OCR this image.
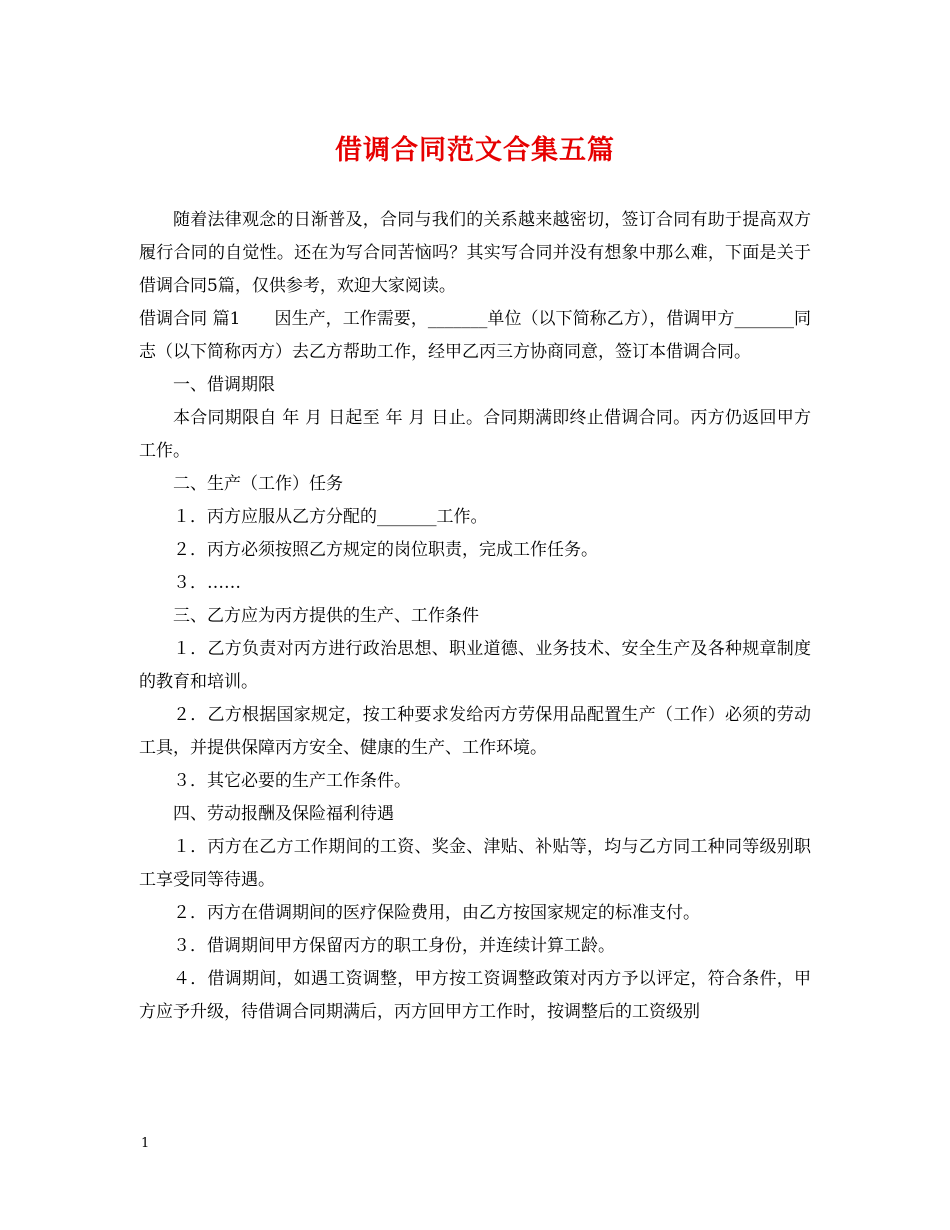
借调合同范文合集五篇

随着法律观念的日渐普及，合同与我们的关系越来越密切，签订合同有助于提高双方履行合同的自觉性。还在为写合同苦恼吗？其实写合同并没有想象中那么难，下面是关于借调合同5篇，仅供参考，欢迎大家阅读。

借调合同 篇1　　因生产，工作需要，_______单位（以下简称乙方），借调甲方_______同志（以下简称丙方）去乙方帮助工作，经甲乙丙三方协商同意，签订本借调合同。

一、借调期限

本合同期限自 年 月 日起至 年 月 日止。合同期满即终止借调合同。丙方仍返回甲方工作。

二、生产（工作）任务

１．丙方应服从乙方分配的_______工作。

２．丙方必须按照乙方规定的岗位职责，完成工作任务。

３．……

三、乙方应为丙方提供的生产、工作条件

１．乙方负责对丙方进行政治思想、职业道德、业务技术、安全生产及各种规章制度的教育和培训。

２．乙方根据国家规定，按工种要求发给丙方劳保用品配置生产（工作）必须的劳动工具，并提供保障丙方安全、健康的生产、工作环境。

３．其它必要的生产工作条件。

四、劳动报酬及保险福利待遇

１．丙方在乙方工作期间的工资、奖金、津贴、补贴等，均与乙方同工种同等级别职工享受同等待遇。

２．丙方在借调期间的医疗保险费用，由乙方按国家规定的标准支付。

３．借调期间甲方保留丙方的职工身份，并连续计算工龄。

４．借调期间，如遇工资调整，甲方按工资调整政策对丙方予以评定，符合条件，甲方应予升级，待借调合同期满后，丙方回甲方工作时，按调整后的工资级别

1
